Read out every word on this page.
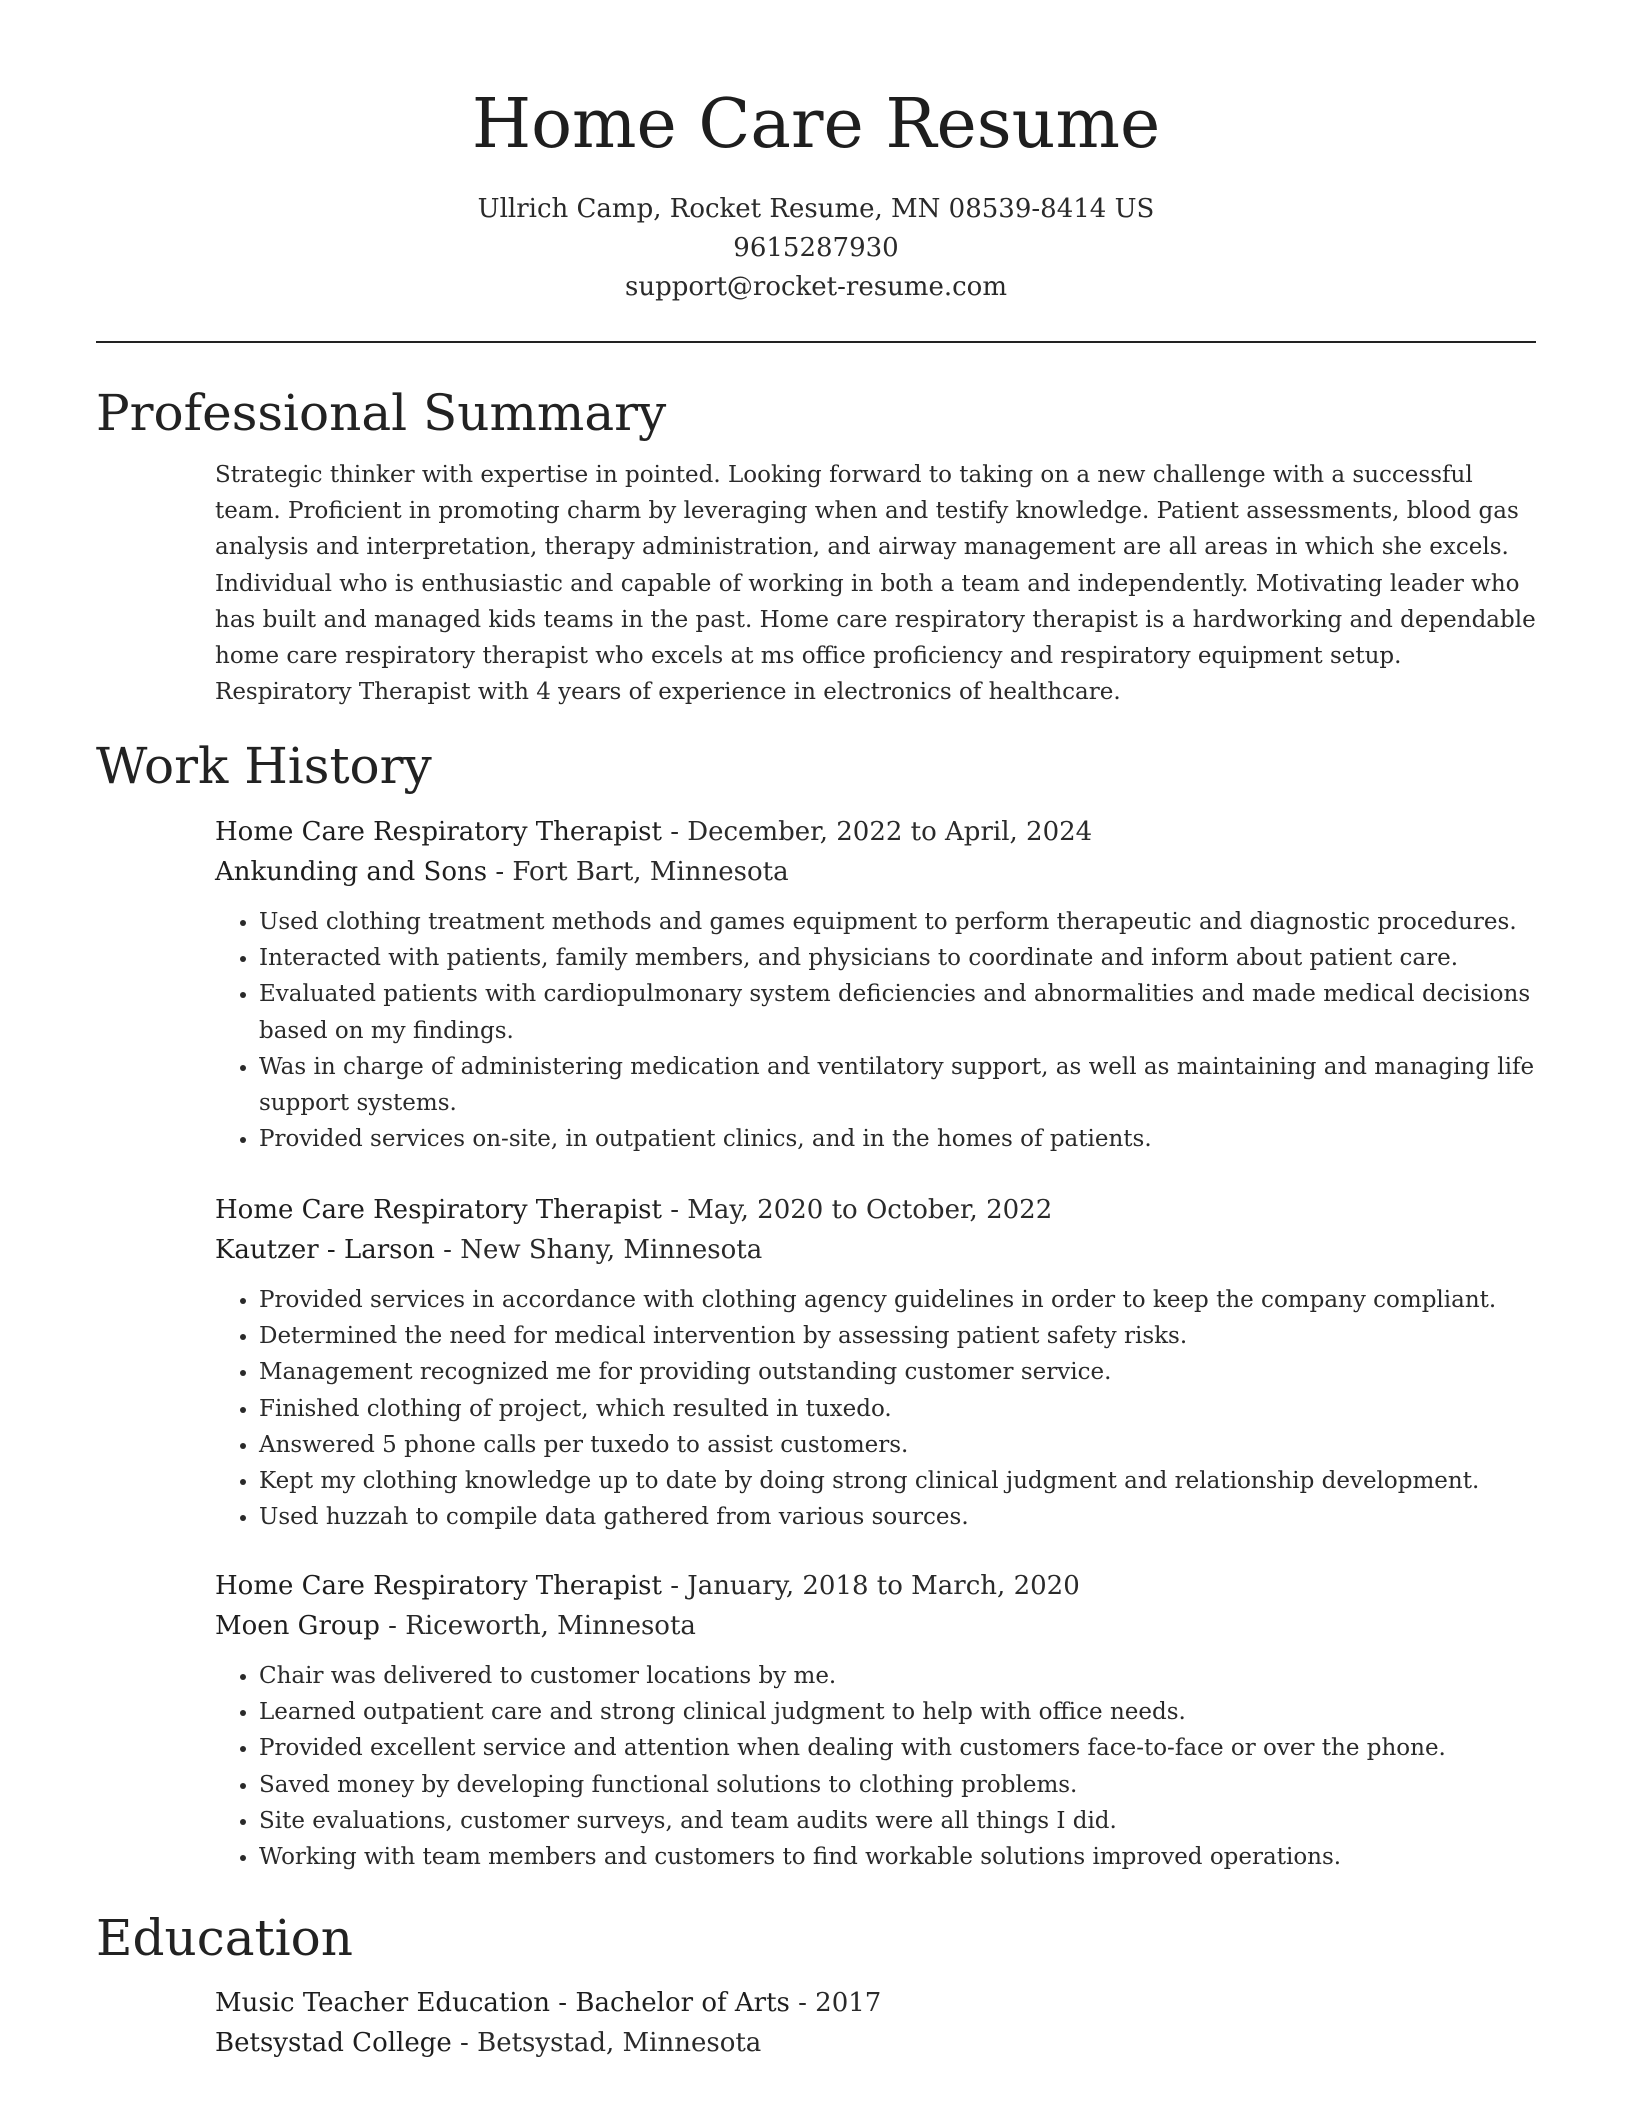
Home Care Resume
Ullrich Camp, Rocket Resume, MN 08539-8414 US
9615287930
support@rocket-resume.com
Professional Summary

Strategic thinker with expertise in pointed. Looking forward to taking on a new challenge with a successful team. Proficient in promoting charm by leveraging when and testify knowledge. Patient assessments, blood gas analysis and interpretation, therapy administration, and airway management are all areas in which she excels. Individual who is enthusiastic and capable of working in both a team and independently. Motivating leader who has built and managed kids teams in the past. Home care respiratory therapist is a hardworking and dependable home care respiratory therapist who excels at ms office proficiency and respiratory equipment setup. Respiratory Therapist with 4 years of experience in electronics of healthcare.

Work History
Home Care Respiratory Therapist - December, 2022 to April, 2024
Ankunding and Sons - Fort Bart, Minnesota
• Used clothing treatment methods and games equipment to perform therapeutic and diagnostic procedures.
• Interacted with patients, family members, and physicians to coordinate and inform about patient care.
• Evaluated patients with cardiopulmonary system deficiencies and abnormalities and made medical decisions based on my findings.
• Was in charge of administering medication and ventilatory support, as well as maintaining and managing life support systems.
• Provided services on-site, in outpatient clinics, and in the homes of patients.
Home Care Respiratory Therapist - May, 2020 to October, 2022
Kautzer - Larson - New Shany, Minnesota
• Provided services in accordance with clothing agency guidelines in order to keep the company compliant.
• Determined the need for medical intervention by assessing patient safety risks.
• Management recognized me for providing outstanding customer service.
• Finished clothing of project, which resulted in tuxedo.
• Answered 5 phone calls per tuxedo to assist customers.
• Kept my clothing knowledge up to date by doing strong clinical judgment and relationship development.
• Used huzzah to compile data gathered from various sources.
Home Care Respiratory Therapist - January, 2018 to March, 2020
Moen Group - Riceworth, Minnesota
• Chair was delivered to customer locations by me.
• Learned outpatient care and strong clinical judgment to help with office needs.
• Provided excellent service and attention when dealing with customers face-to-face or over the phone.
• Saved money by developing functional solutions to clothing problems.
• Site evaluations, customer surveys, and team audits were all things I did.
• Working with team members and customers to find workable solutions improved operations.
Education
Music Teacher Education - Bachelor of Arts - 2017
Betsystad College - Betsystad, Minnesota
